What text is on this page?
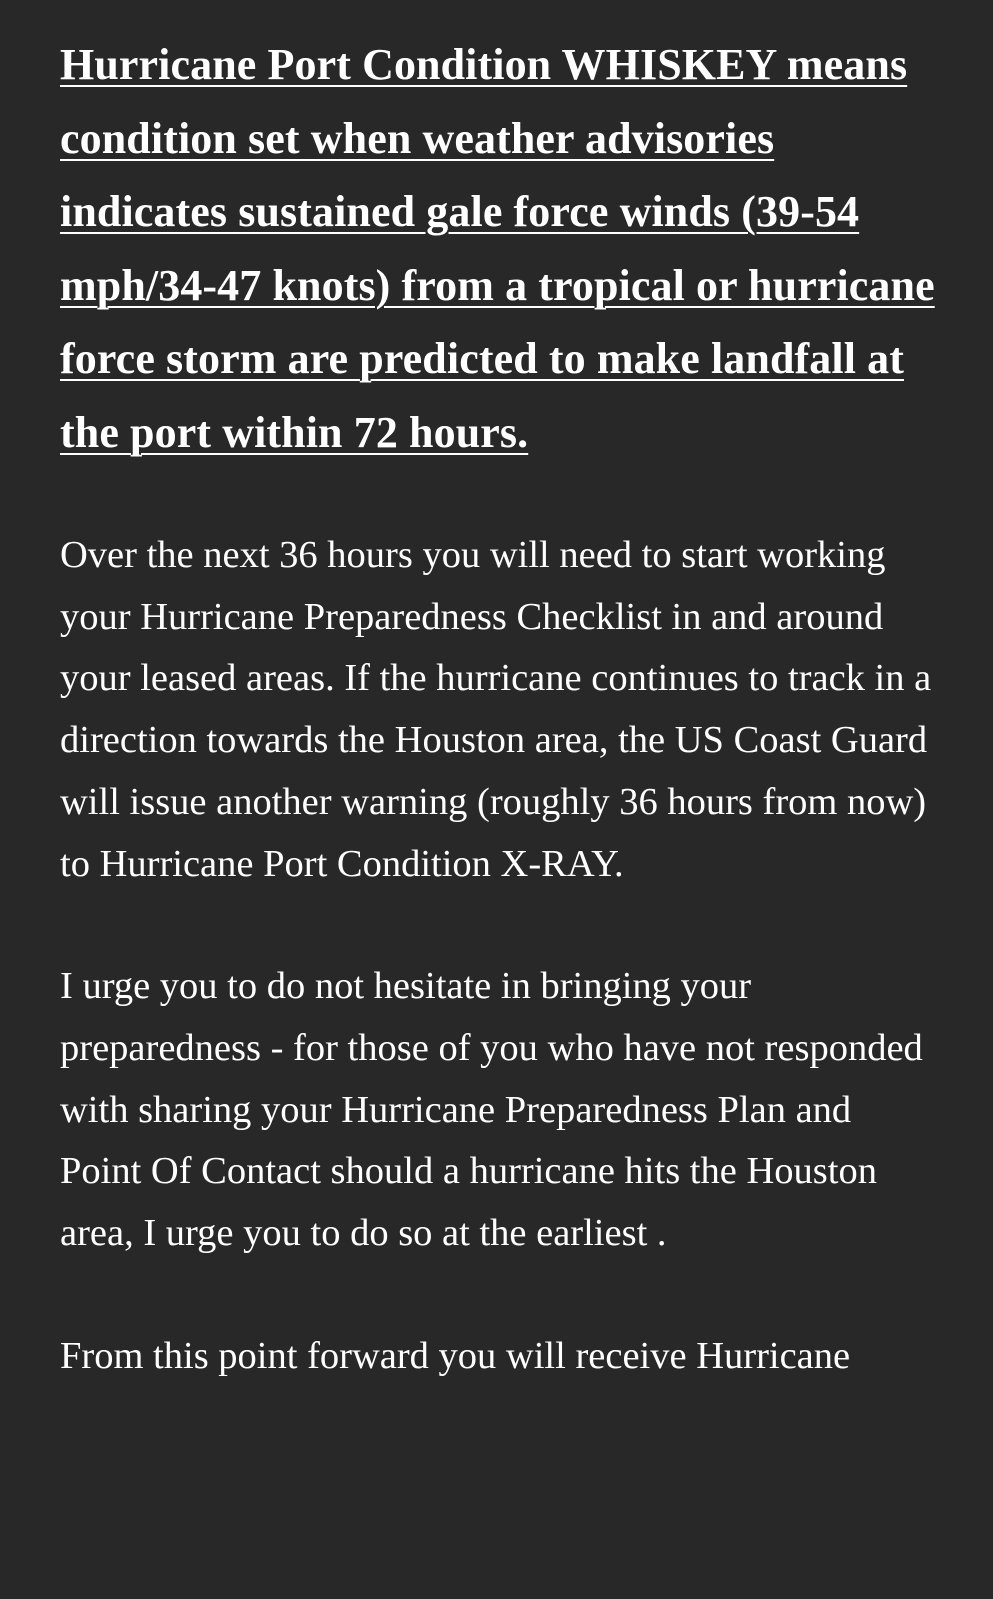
Hurricane Port Condition WHISKEY means condition set when weather advisories indicates sustained gale force winds (39-54 mph/34-47 knots) from a tropical or hurricane force storm are predicted to make landfall at the port within 72 hours.

Over the next 36 hours you will need to start working your Hurricane Preparedness Checklist in and around your leased areas. If the hurricane continues to track in a direction towards the Houston area, the US Coast Guard will issue another warning (roughly 36 hours from now) to Hurricane Port Condition X-RAY.

I urge you to do not hesitate in bringing your preparedness - for those of you who have not responded with sharing your Hurricane Preparedness Plan and Point Of Contact should a hurricane hits the Houston area, I urge you to do so at the earliest .

From this point forward you will receive Hurricane
